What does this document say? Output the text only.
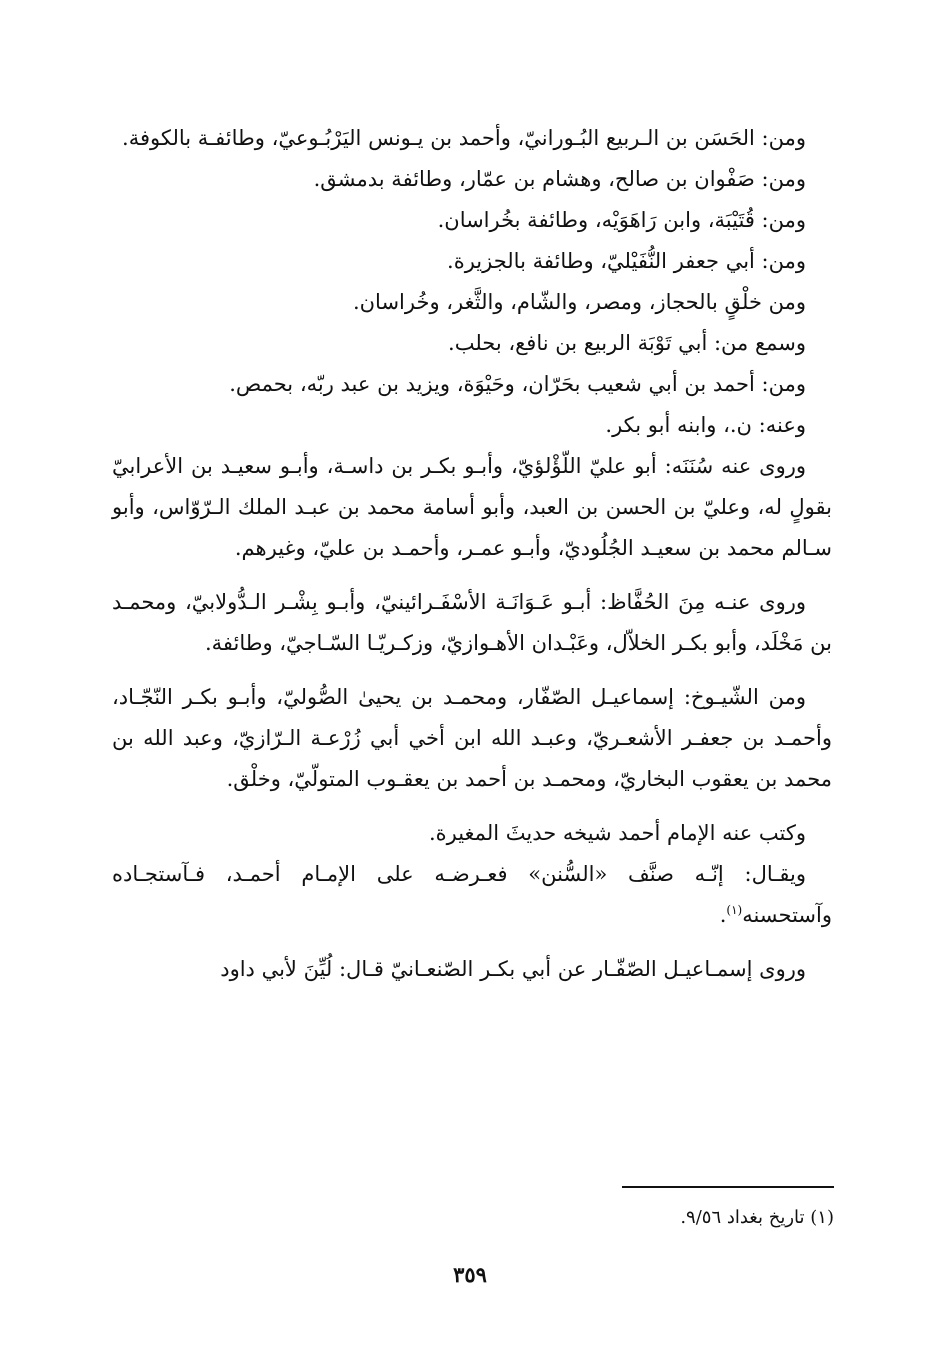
ومن: الحَسَن بن الـربيع البُـورانيّ، وأحمد بن يـونس اليَرْبُـوعيّ، وطائفـة بالكوفة.

ومن: صَفْوان بن صالح، وهشام بن عمّار، وطائفة بدمشق.

ومن: قُتَيْبَة، وابن رَاهَوَيْه، وطائفة بخُراسان.

ومن: أبي جعفر النُّفَيْليّ، وطائفة بالجزيرة.

ومن خلْقٍ بالحجاز، ومصر، والشّام، والثَّغر، وخُراسان.

وسمع من: أبي تَوْبَة الربيع بن نافع، بحلب.

ومن: أحمد بن أبي شعيب بحَرّان، وحَيْوَة، ويزيد بن عبد ربّه، بحمص.

وعنه: ن.، وابنه أبو بكر.

وروى عنه سُنَنَه: أبو عليّ اللّؤْلؤيّ، وأبـو بكـر بن داسـة، وأبـو سعيـد بن الأعرابيّ بقولٍ له، وعليّ بن الحسن بن العبد، وأبو أسامة محمد بن عبـد الملك الـرّوّاس، وأبو سـالم محمد بن سعيـد الجُلُوديّ، وأبـو عمـر، وأحمـد بن عليّ، وغيرهم.

وروى عنـه مِنَ الحُفَّاظ: أبـو عَـوَانَـة الأسْفَـرائينيّ، وأبـو بِشْـر الـدُّولابيّ، ومحمـد بن مَخْلَد، وأبو بكـر الخلاّل، وعَبْـدان الأهـوازيّ، وزكـريّـا السّـاجيّ، وطائفة.

ومن الشّيـوخ: إسماعيـل الصّفّار، ومحمـد بن يحيىٰ الصُّوليّ، وأبـو بكـر النّجّـاد، وأحمـد بن جعفـر الأشعـريّ، وعبـد الله ابن أخي أبي زُرْعـة الـرّازيّ، وعبد الله بن محمد بن يعقوب البخاريّ، ومحمـد بن أحمد بن يعقـوب المتولّيّ، وخلْق.

وكتب عنه الإمام أحمد شيخه حديثَ المغيرة.

ويقـال: إنّـه صنَّف «السُّنن» فعـرضـه على الإمـام أحمـد، فـآستجـاده وآستحسنه$^{(١)}$.

وروى إسمـاعيـل الصّفّـار عن أبي بكـر الصّنعـانيّ قـال: لُيِّنَ لأبي داود

(١) تاريخ بغداد ٩/٥٦.
٣٥٩
